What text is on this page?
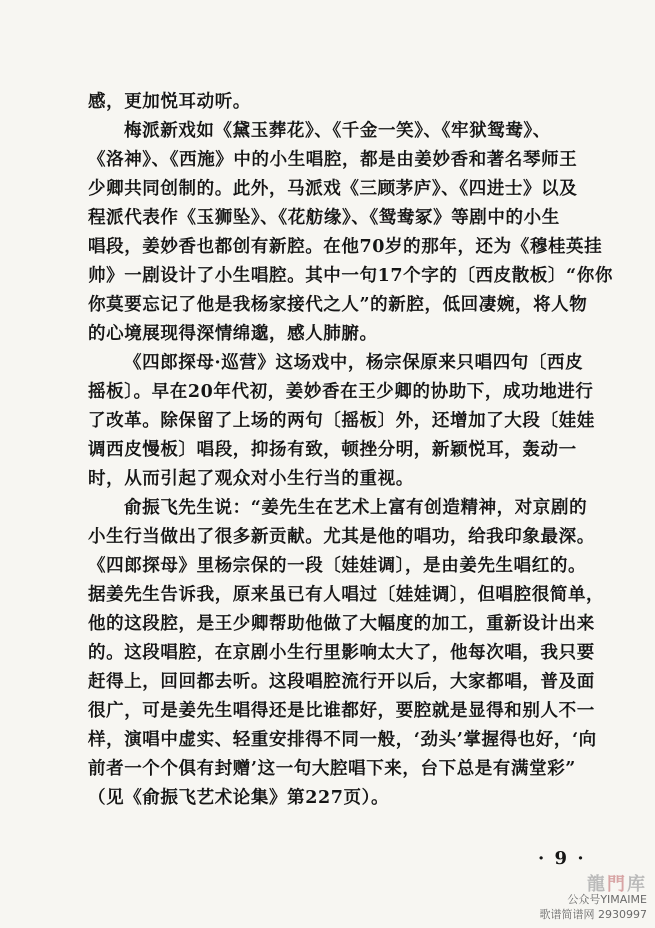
感，更加悦耳动听。
梅派新戏如《黛玉葬花》、《千金一笑》、《牢狱鸳鸯》、
《洛神》、《西施》中的小生唱腔，都是由姜妙香和著名琴师王
少卿共同创制的。此外，马派戏《三顾茅庐》、《四进士》以及
程派代表作《玉狮坠》、《花舫缘》、《鸳鸯冢》等剧中的小生
唱段，姜妙香也都创有新腔。在他70岁的那年，还为《穆桂英挂
帅》一剧设计了小生唱腔。其中一句17个字的〔西皮散板〕“你你
你莫要忘记了他是我杨家接代之人”的新腔，低回凄婉，将人物
的心境展现得深情绵邈，感人肺腑。
《四郎探母·巡营》这场戏中，杨宗保原来只唱四句〔西皮
摇板〕。早在20年代初，姜妙香在王少卿的协助下，成功地进行
了改革。除保留了上场的两句〔摇板〕外，还增加了大段〔娃娃
调西皮慢板〕唱段，抑扬有致，顿挫分明，新颖悦耳，轰动一
时，从而引起了观众对小生行当的重视。
俞振飞先生说：“姜先生在艺术上富有创造精神，对京剧的
小生行当做出了很多新贡献。尤其是他的唱功，给我印象最深。
《四郎探母》里杨宗保的一段〔娃娃调〕，是由姜先生唱红的。
据姜先生告诉我，原来虽已有人唱过〔娃娃调〕，但唱腔很简单，
他的这段腔，是王少卿帮助他做了大幅度的加工，重新设计出来
的。这段唱腔，在京剧小生行里影响太大了，他每次唱，我只要
赶得上，回回都去听。这段唱腔流行开以后，大家都唱，普及面
很广，可是姜先生唱得还是比谁都好，要腔就是显得和别人不一
样，演唱中虚实、轻重安排得不同一般，‘劲头’掌握得也好，‘向
前者一个个俱有封赠’这一句大腔唱下来，台下总是有满堂彩”
（见《俞振飞艺术论集》第227页）。
· 9 ·
龍門库
公众号YIMAIME
歌谱简谱网 2930997
